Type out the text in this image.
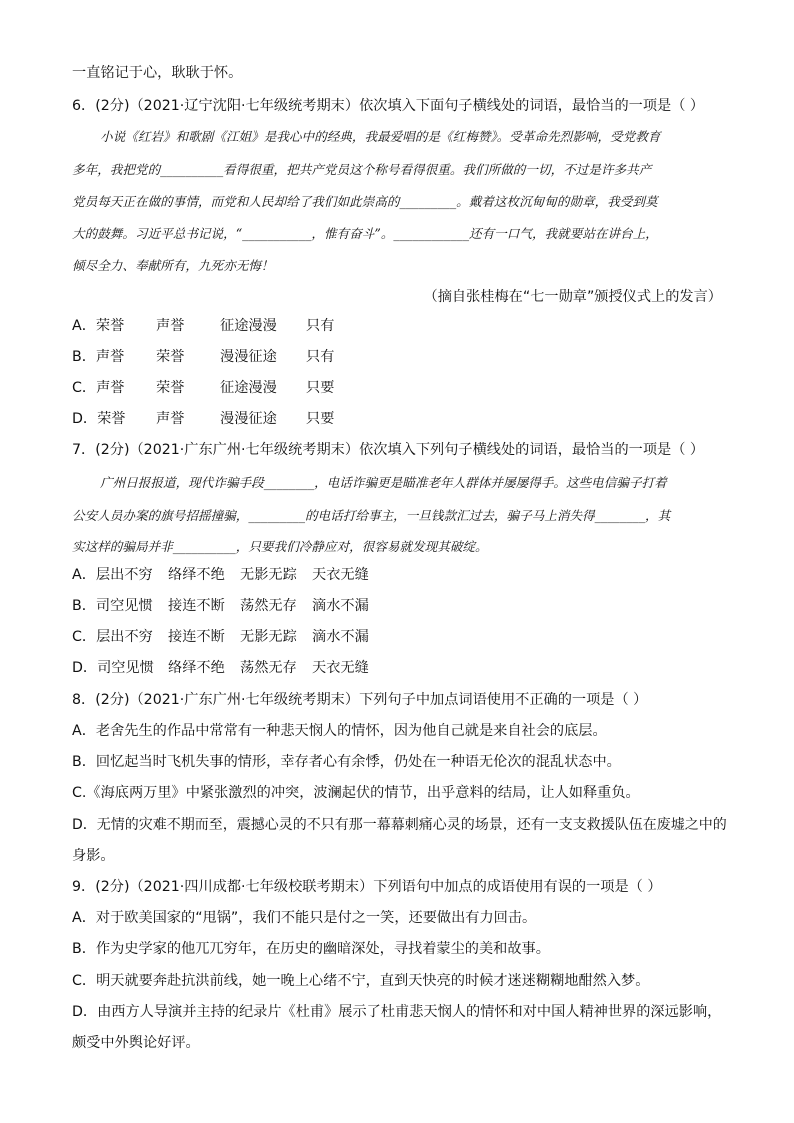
一直铭记于心，耿耿于怀。
6．(2分)（2021·辽宁沈阳·七年级统考期末）依次填入下面句子横线处的词语，最恰当的一项是（ ）
小说《红岩》和歌剧《江姐》是我心中的经典，我最爱唱的是《红梅赞》。受革命先烈影响，受党教育
多年，我把党的__________看得很重，把共产党员这个称号看得很重。我们所做的一切，不过是许多共产
党员每天正在做的事情，而党和人民却给了我们如此崇高的_________。戴着这枚沉甸甸的勋章，我受到莫
大的鼓舞。习近平总书记说，“___________，惟有奋斗”。____________还有一口气，我就要站在讲台上，
倾尽全力、奉献所有，九死亦无悔！
（摘自张桂梅在“七一勋章”颁授仪式上的发言）
A．荣誉 声誉	征途漫漫 只有
B．声誉 荣誉	漫漫征途 只有
C．声誉 荣誉	征途漫漫 只要
D．荣誉 声誉	漫漫征途 只要
7．(2分)（2021·广东广州·七年级统考期末）依次填入下列句子横线处的词语，最恰当的一项是（ ）
广州日报报道，现代诈骗手段________，电话诈骗更是瞄准老年人群体并屡屡得手。这些电信骗子打着
公安人员办案的旗号招摇撞骗，_________的电话打给事主，一旦钱款汇过去，骗子马上消失得________，其
实这样的骗局并非__________，只要我们冷静应对，很容易就发现其破绽。
A．层出不穷 络绎不绝 无影无踪 天衣无缝
B．司空见惯 接连不断 荡然无存 滴水不漏
C．层出不穷 接连不断 无影无踪 滴水不漏
D．司空见惯 络绎不绝 荡然无存 天衣无缝
8．(2分)（2021·广东广州·七年级统考期末）下列句子中加点词语使用不正确的一项是（ ）
A．老舍先生的作品中常常有一种悲天悯人的情怀，因为他自己就是来自社会的底层。
B．回忆起当时飞机失事的情形，幸存者心有余悸，仍处在一种语无伦次的混乱状态中。
C.《海底两万里》中紧张激烈的冲突，波澜起伏的情节，出乎意料的结局，让人如释重负。
D．无情的灾难不期而至，震撼心灵的不只有那一幕幕刺痛心灵的场景，还有一支支救援队伍在废墟之中的
身影。
9．(2分)（2021·四川成都·七年级校联考期末）下列语句中加点的成语使用有误的一项是（ ）
A．对于欧美国家的“甩锅”，我们不能只是付之一笑，还要做出有力回击。
B．作为史学家的他兀兀穷年，在历史的幽暗深处，寻找着蒙尘的美和故事。
C．明天就要奔赴抗洪前线，她一晚上心绪不宁，直到天快亮的时候才迷迷糊糊地酣然入梦。
D．由西方人导演并主持的纪录片《杜甫》展示了杜甫悲天悯人的情怀和对中国人精神世界的深远影响，
颇受中外舆论好评。
